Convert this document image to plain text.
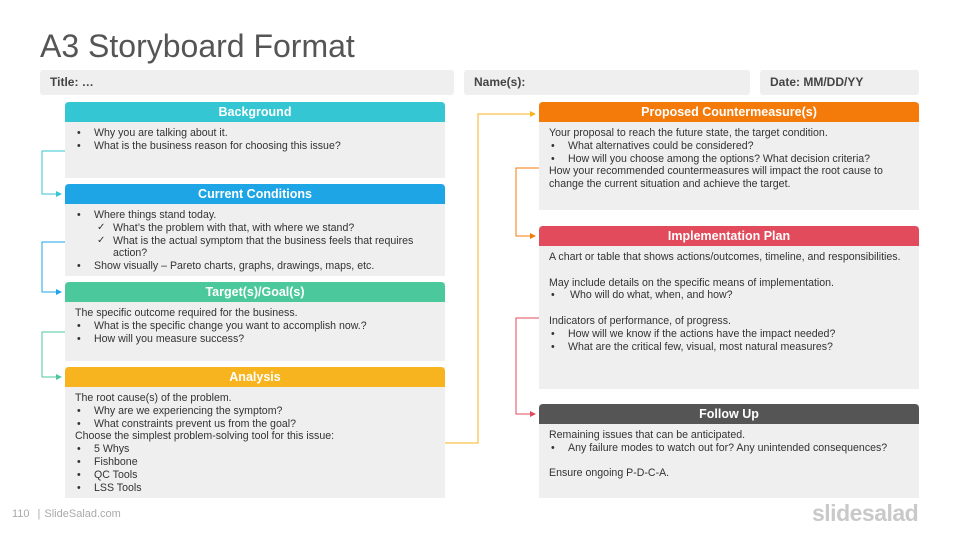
A3 Storyboard Format
Title: …	Name(s):	Date: MM/DD/YY
Background
• Why you are talking about it.
• What is the business reason for choosing this issue?
Current Conditions
• Where things stand today.
✓ What’s the problem with that, with where we stand?
✓ What is the actual symptom that the business feels that requires action?
• Show visually – Pareto charts, graphs, drawings, maps, etc.
Target(s)/Goal(s)
The specific outcome required for the business.
• What is the specific change you want to accomplish now.?
• How will you measure success?
Analysis
The root cause(s) of the problem.
• Why are we experiencing the symptom?
• What constraints prevent us from the goal?
Choose the simplest problem-solving tool for this issue:
• 5 Whys
• Fishbone
• QC Tools
• LSS Tools
Proposed Countermeasure(s)
Your proposal to reach the future state, the target condition.
• What alternatives could be considered?
• How will you choose among the options? What decision criteria?
How your recommended countermeasures will impact the root cause to change the current situation and achieve the target.
Implementation Plan
A chart or table that shows actions/outcomes, timeline, and responsibilities.
May include details on the specific means of implementation.
• Who will do what, when, and how?
Indicators of performance, of progress.
• How will we know if the actions have the impact needed?
• What are the critical few, visual, most natural measures?
Follow Up
Remaining issues that can be anticipated.
• Any failure modes to watch out for? Any unintended consequences?
Ensure ongoing P-D-C-A.
110 | SlideSalad.com	slidesalad
